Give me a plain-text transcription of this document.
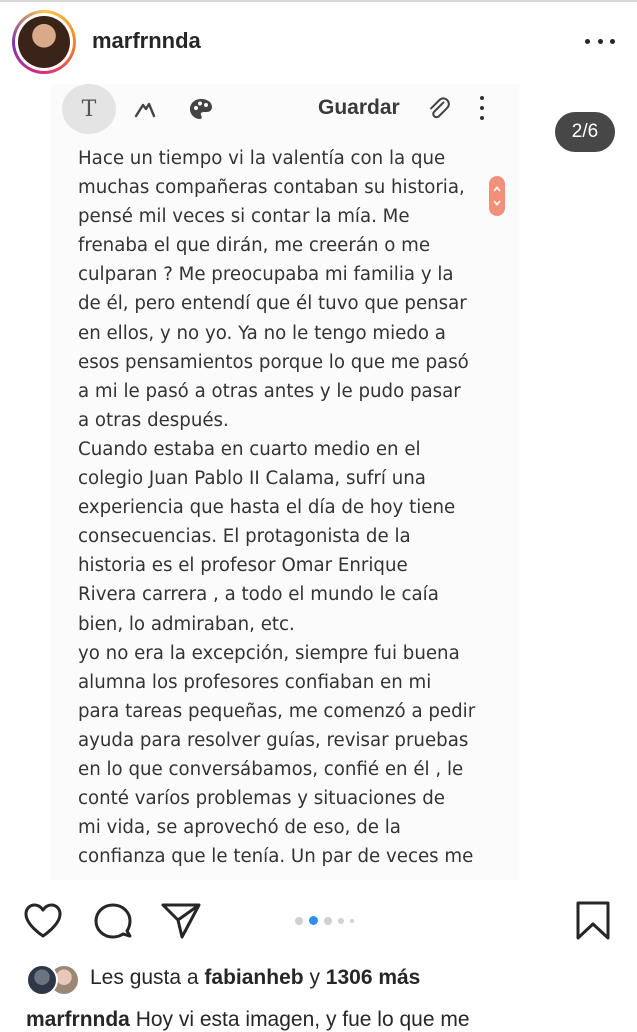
marfrnnda
T	Guardar
Hace un tiempo vi la valentía con la que
muchas compañeras contaban su historia,
pensé mil veces si contar la mía. Me
frenaba el que dirán, me creerán o me
culparan ? Me preocupaba mi familia y la
de él, pero entendí que él tuvo que pensar
en ellos, y no yo. Ya no le tengo miedo a
esos pensamientos porque lo que me pasó
a mi le pasó a otras antes y le pudo pasar
a otras después.
Cuando estaba en cuarto medio en el
colegio Juan Pablo II Calama, sufrí una
experiencia que hasta el día de hoy tiene
consecuencias. El protagonista de la
historia es el profesor Omar Enrique
Rivera carrera , a todo el mundo le caía
bien, lo admiraban, etc.
yo no era la excepción, siempre fui buena
alumna los profesores confiaban en mi
para tareas pequeñas, me comenzó a pedir
ayuda para resolver guías, revisar pruebas
en lo que conversábamos, confié en él , le
conté varíos problemas y situaciones de
mi vida, se aprovechó de eso, de la
confianza que le tenía. Un par de veces me
2/6
Les gusta a fabianheb y 1306 más
marfrnnda Hoy vi esta imagen, y fue lo que me
